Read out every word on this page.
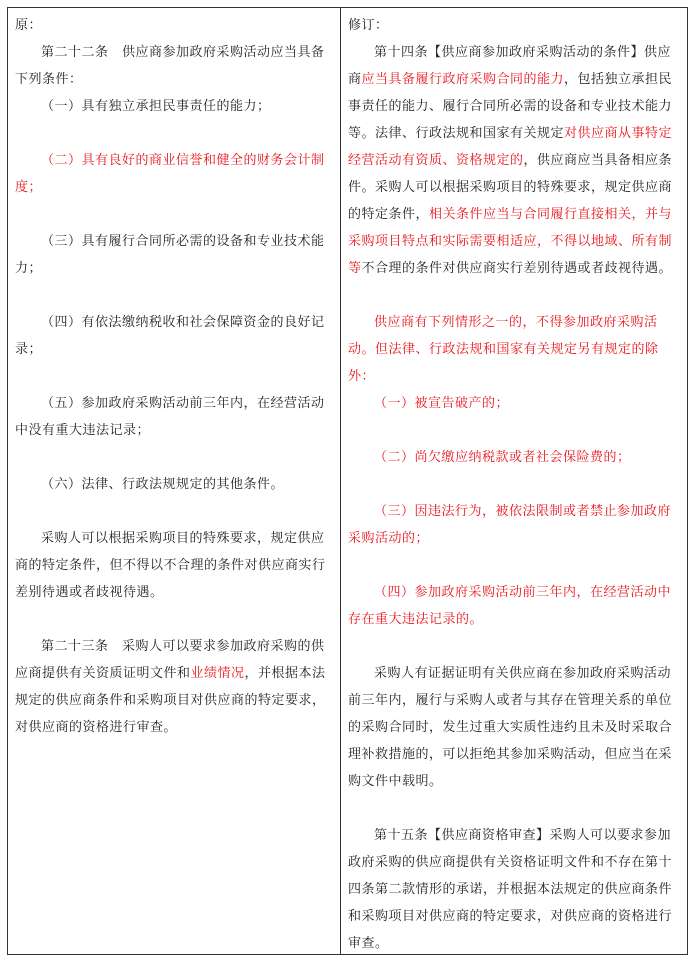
原：

第二十二条　供应商参加政府采购活动应当具备下列条件：

（一）具有独立承担民事责任的能力；

（二）具有良好的商业信誉和健全的财务会计制度；

（三）具有履行合同所必需的设备和专业技术能力；

（四）有依法缴纳税收和社会保障资金的良好记录；

（五）参加政府采购活动前三年内，在经营活动中没有重大违法记录；

（六）法律、行政法规规定的其他条件。

采购人可以根据采购项目的特殊要求，规定供应商的特定条件，但不得以不合理的条件对供应商实行差别待遇或者歧视待遇。

第二十三条　采购人可以要求参加政府采购的供应商提供有关资质证明文件和业绩情况，并根据本法规定的供应商条件和采购项目对供应商的特定要求，对供应商的资格进行审查。

修订：

第十四条【供应商参加政府采购活动的条件】供应商应当具备履行政府采购合同的能力，包括独立承担民事责任的能力、履行合同所必需的设备和专业技术能力等。法律、行政法规和国家有关规定对供应商从事特定经营活动有资质、资格规定的，供应商应当具备相应条件。采购人可以根据采购项目的特殊要求，规定供应商的特定条件，相关条件应当与合同履行直接相关，并与采购项目特点和实际需要相适应，不得以地域、所有制等不合理的条件对供应商实行差别待遇或者歧视待遇。

供应商有下列情形之一的，不得参加政府采购活动。但法律、行政法规和国家有关规定另有规定的除外：

（一）被宣告破产的；

（二）尚欠缴应纳税款或者社会保险费的；

（三）因违法行为，被依法限制或者禁止参加政府采购活动的；

（四）参加政府采购活动前三年内，在经营活动中存在重大违法记录的。

采购人有证据证明有关供应商在参加政府采购活动前三年内，履行与采购人或者与其存在管理关系的单位的采购合同时，发生过重大实质性违约且未及时采取合理补救措施的，可以拒绝其参加采购活动，但应当在采购文件中载明。

第十五条【供应商资格审查】采购人可以要求参加政府采购的供应商提供有关资格证明文件和不存在第十四条第二款情形的承诺，并根据本法规定的供应商条件和采购项目对供应商的特定要求，对供应商的资格进行审查。
